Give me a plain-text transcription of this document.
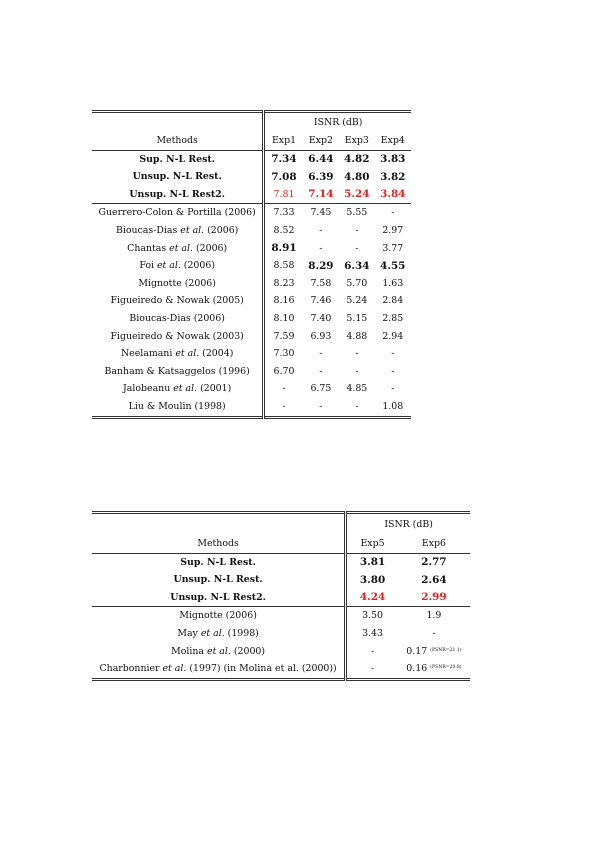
	ISNR (dB)			
Methods	Exp1	Exp2	Exp3	Exp4
Sup. N-L Rest.	7.34	6.44	4.82	3.83
Unsup. N-L Rest.	7.08	6.39	4.80	3.82
Unsup. N-L Rest2.	7.81	7.14	5.24	3.84
Guerrero-Colon & Portilla (2006)	7.33	7.45	5.55	-
Bioucas-Dias et al. (2006)	8.52	-	-	2.97
Chantas et al. (2006)	8.91	-	-	3.77
Foi et al. (2006)	8.58	8.29	6.34	4.55
Mignotte (2006)	8.23	7.58	5.70	1.63
Figueiredo & Nowak (2005)	8.16	7.46	5.24	2.84
Bioucas-Dias (2006)	8.10	7.40	5.15	2.85
Figueiredo & Nowak (2003)	7.59	6.93	4.88	2.94
Neelamani et al. (2004)	7.30	-	-	-
Banham & Katsaggelos (1996)	6.70	-	-	-
Jalobeanu et al. (2001)	-	6.75	4.85	-
Liu & Moulin (1998)	-	-	-	1.08
	ISNR (dB)	
Methods	Exp5	Exp6
Sup. N-L Rest.	3.81	2.77
Unsup. N-L Rest.	3.80	2.64
Unsup. N-L Rest2.	4.24	2.99
Mignotte (2006)	3.50	1.9
May et al. (1998)	3.43	-
Molina et al. (2000)	-	0.17 (PSNR=21.1)
Charbonnier et al. (1997) (in Molina et al. (2000))	-	0.16 (PSNR=20.8)
